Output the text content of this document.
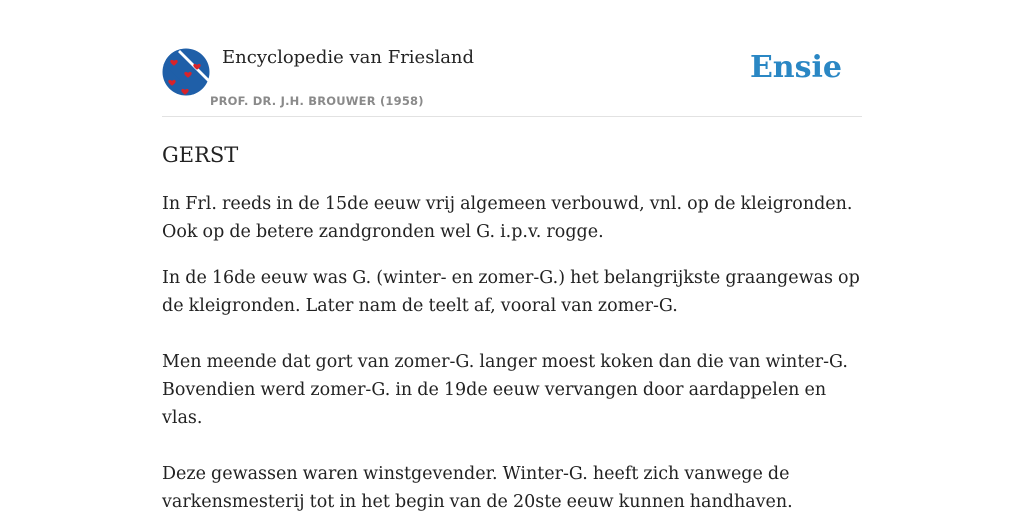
Encyclopedie van Friesland
PROF. DR. J.H. BROUWER (1958)
Ensie
GERST

In Frl. reeds in de 15de eeuw vrij algemeen verbouwd, vnl. op de kleigronden. Ook op de betere zandgronden wel G. i.p.v. rogge.

In de 16de eeuw was G. (winter- en zomer-G.) het belangrijkste graangewas op de kleigronden. Later nam de teelt af, vooral van zomer-G.

Men meende dat gort van zomer-G. langer moest koken dan die van winter-G. Bovendien werd zomer-G. in de 19de eeuw vervangen door aardappelen en vlas.

Deze gewassen waren winstgevender. Winter-G. heeft zich vanwege de varkensmesterij tot in het begin van de 20ste eeuw kunnen handhaven.
